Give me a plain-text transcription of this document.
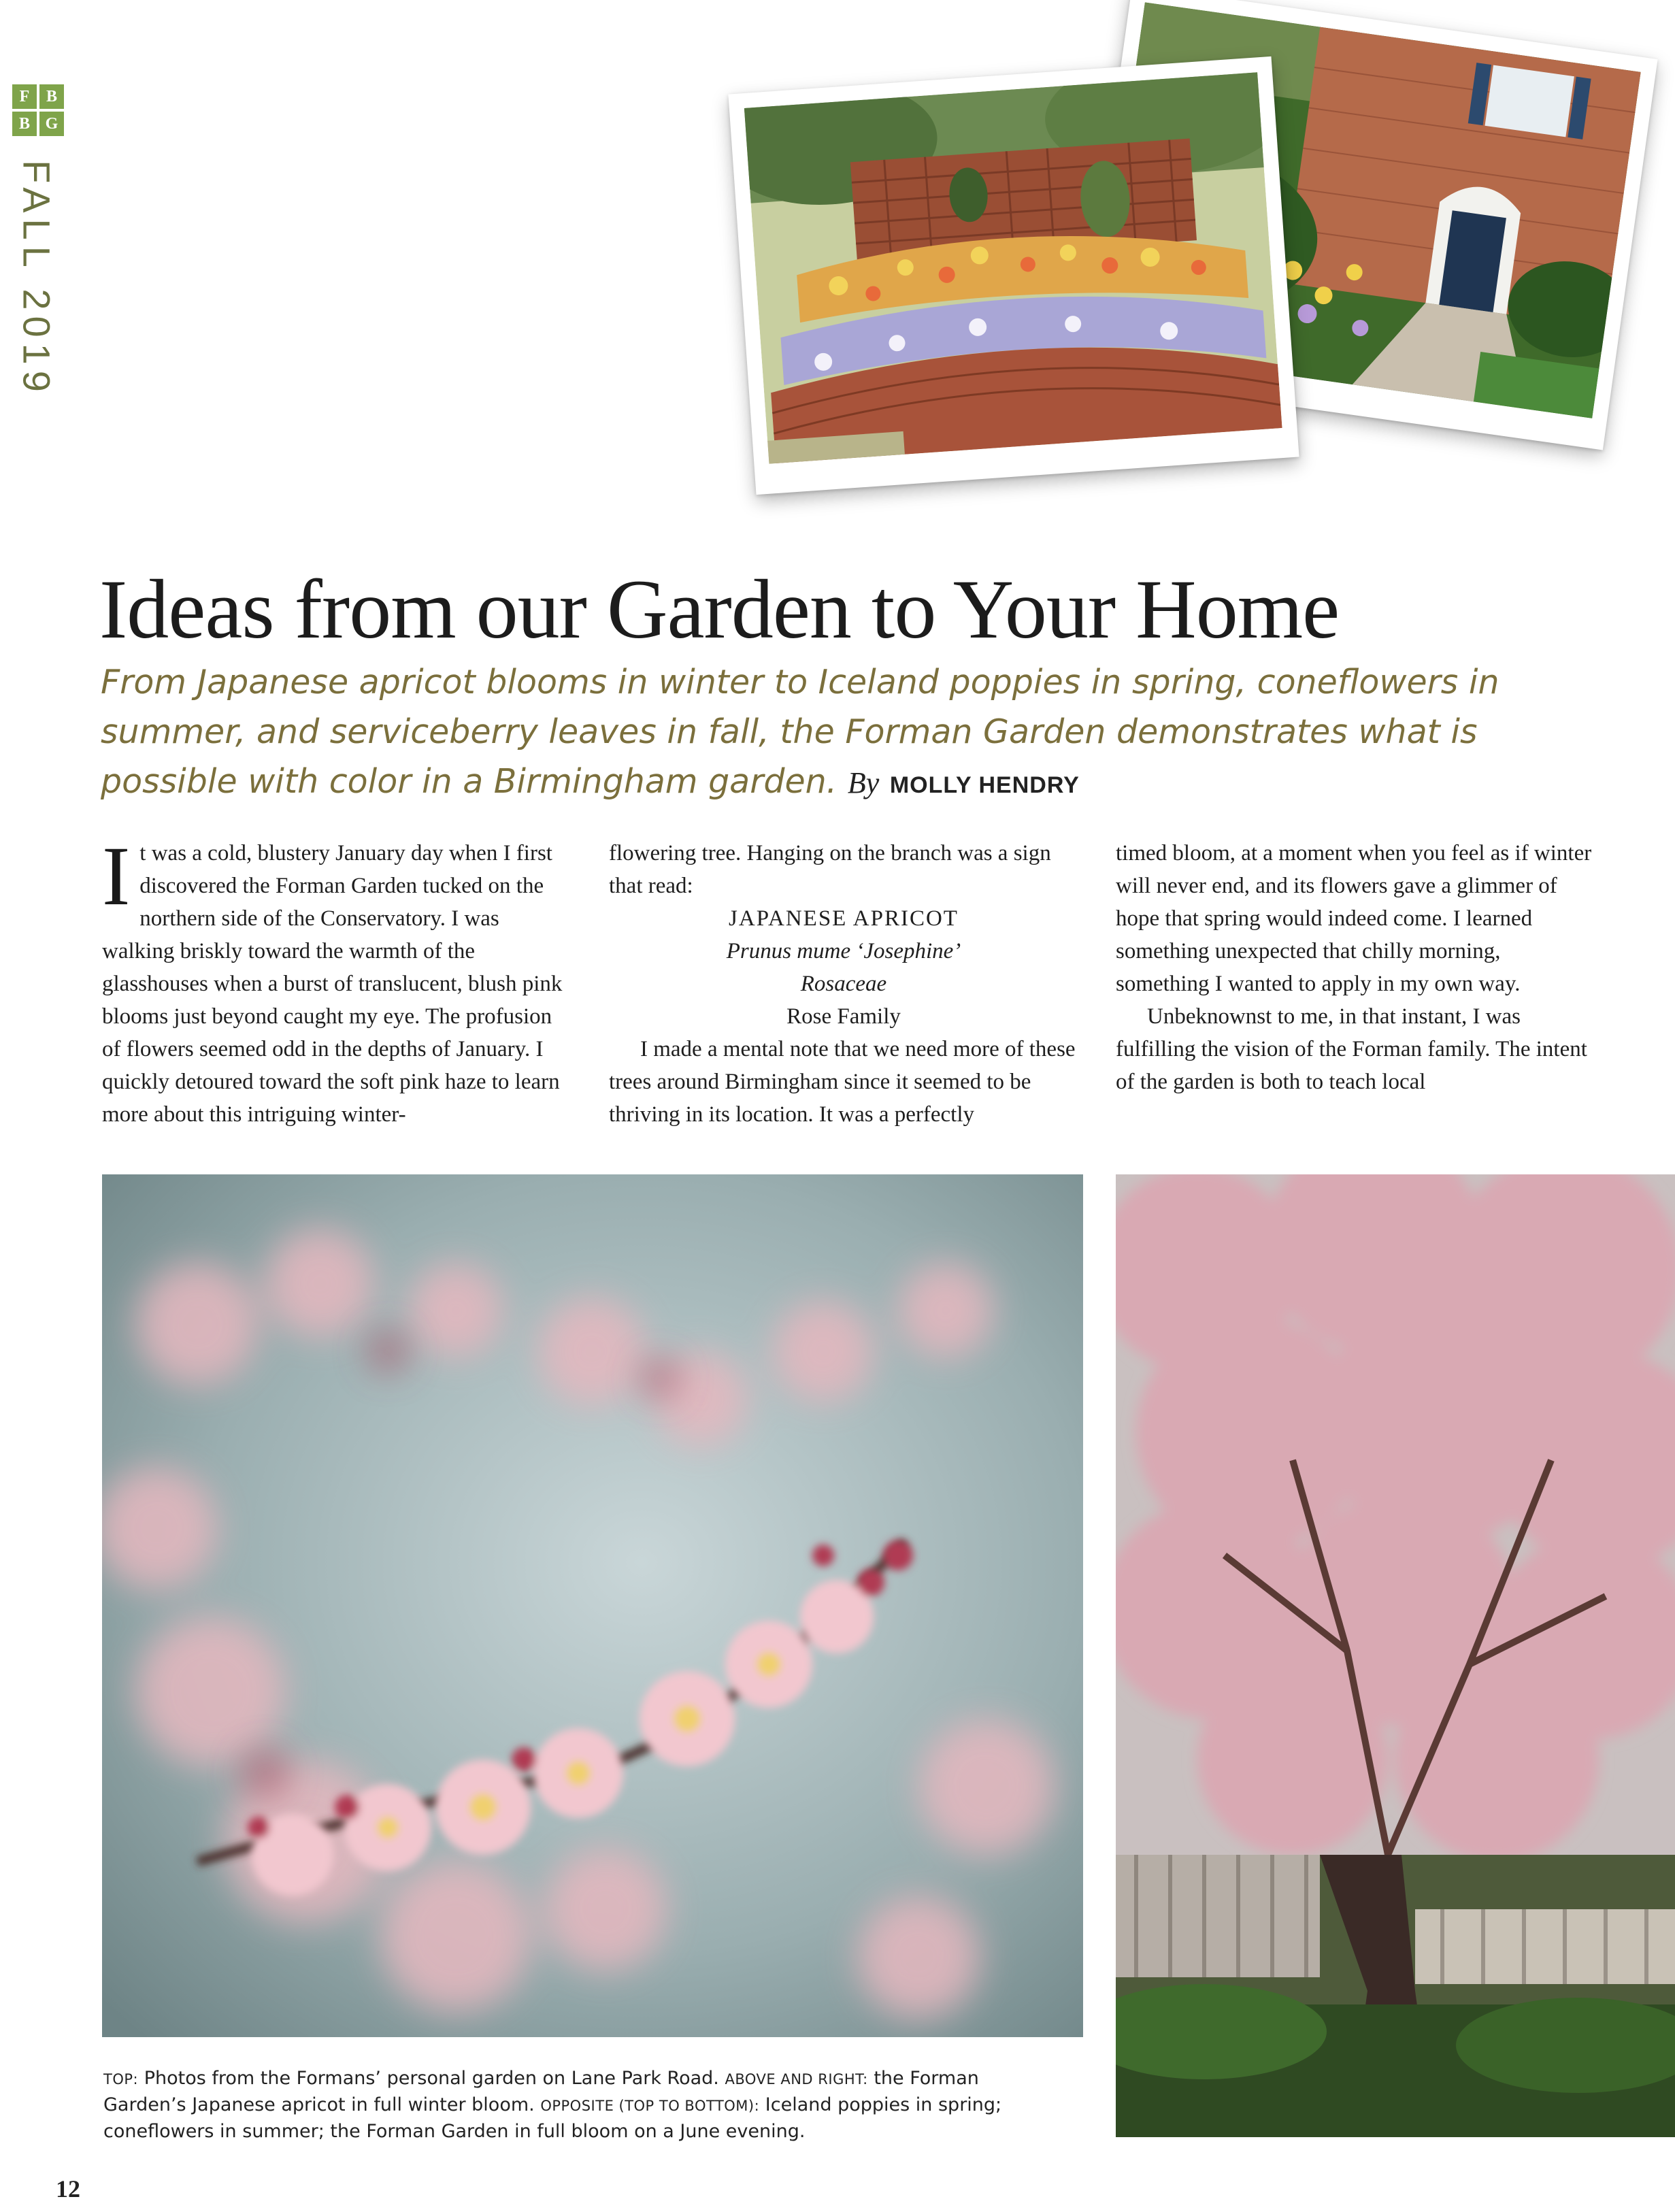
F	B
B G
FALL 2019
Ideas from our Garden to Your Home

From Japanese apricot blooms in winter to Iceland poppies in spring, coneflowers in summer, and serviceberry leaves in fall, the Forman Garden demonstrates what is possible with color in a Birmingham garden. By MOLLY HENDRY

It was a cold, blustery January day when I first discovered the Forman Garden tucked on the northern side of the Conservatory. I was walking briskly toward the warmth of the glasshouses when a burst of translucent, blush pink blooms just beyond caught my eye. The profusion of flowers seemed odd in the depths of January. I quickly detoured toward the soft pink haze to learn more about this intriguing winter-

flowering tree. Hanging on the branch was a sign that read:

JAPANESE APRICOT
Prunus mume ‘Josephine’
Rosaceae
Rose Family

I made a mental note that we need more of these trees around Birmingham since it seemed to be thriving in its location. It was a perfectly

timed bloom, at a moment when you feel as if winter will never end, and its flowers gave a glimmer of hope that spring would indeed come. I learned something unexpected that chilly morning, something I wanted to apply in my own way.

Unbeknownst to me, in that instant, I was fulfilling the vision of the Forman family. The intent of the garden is both to teach local

TOP: Photos from the Formans’ personal garden on Lane Park Road. ABOVE AND RIGHT: the Forman Garden’s Japanese apricot in full winter bloom. OPPOSITE (TOP TO BOTTOM): Iceland poppies in spring; coneflowers in summer; the Forman Garden in full bloom on a June evening.

12
